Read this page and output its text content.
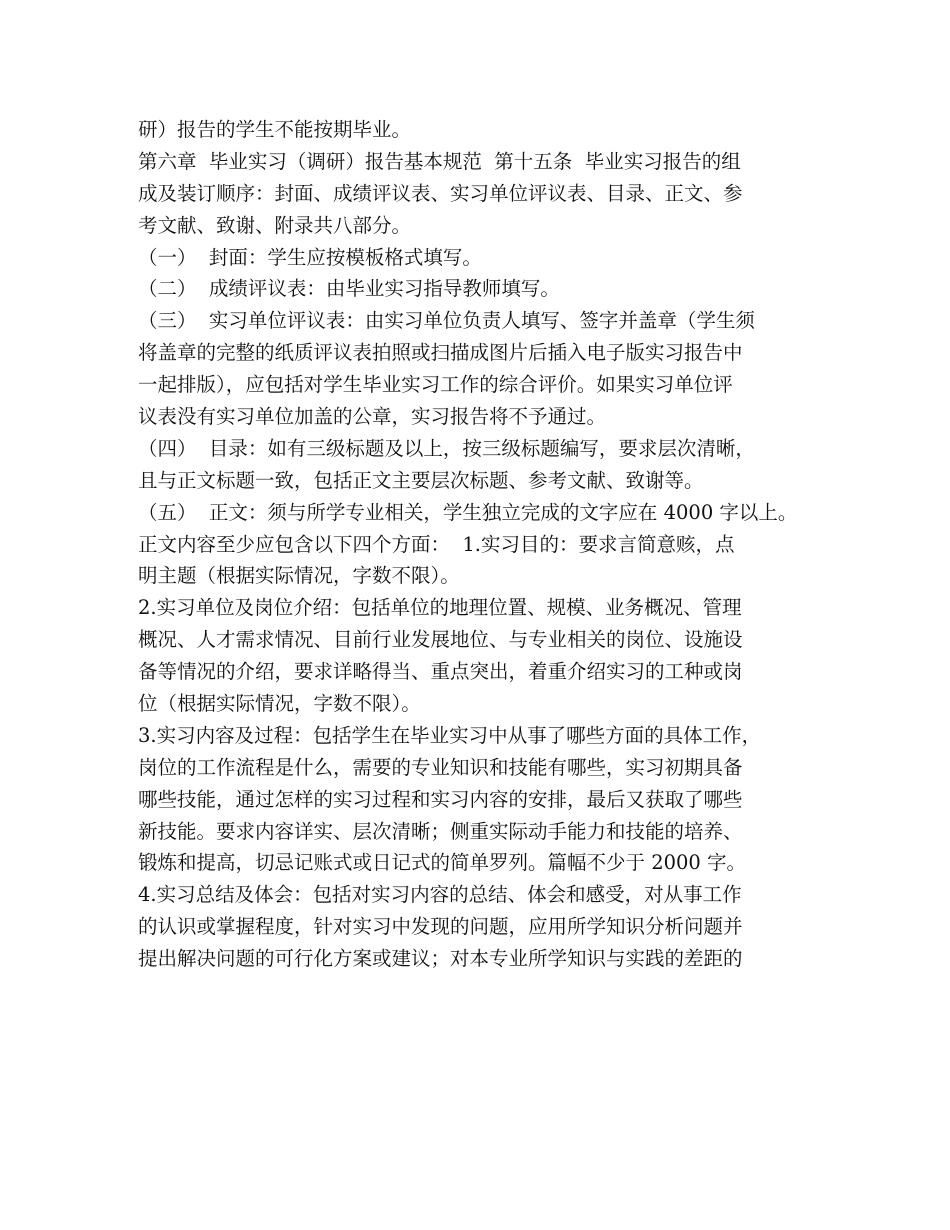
研）报告的学生不能按期毕业。
第六章  毕业实习（调研）报告基本规范  第十五条  毕业实习报告的组
成及装订顺序：封面、成绩评议表、实习单位评议表、目录、正文、参
考文献、致谢、附录共八部分。
（一）  封面：学生应按模板格式填写。
（二）  成绩评议表：由毕业实习指导教师填写。
（三）  实习单位评议表：由实习单位负责人填写、签字并盖章（学生须
将盖章的完整的纸质评议表拍照或扫描成图片后插入电子版实习报告中
一起排版），应包括对学生毕业实习工作的综合评价。如果实习单位评
议表没有实习单位加盖的公章，实习报告将不予通过。
（四）  目录：如有三级标题及以上，按三级标题编写，要求层次清晰，
且与正文标题一致，包括正文主要层次标题、参考文献、致谢等。
（五）  正文：须与所学专业相关，学生独立完成的文字应在 4000 字以上。
正文内容至少应包含以下四个方面：  1.实习目的：要求言简意赅，点
明主题（根据实际情况，字数不限）。
2.实习单位及岗位介绍：包括单位的地理位置、规模、业务概况、管理
概况、人才需求情况、目前行业发展地位、与专业相关的岗位、设施设
备等情况的介绍，要求详略得当、重点突出，着重介绍实习的工种或岗
位（根据实际情况，字数不限）。
3.实习内容及过程：包括学生在毕业实习中从事了哪些方面的具体工作，
岗位的工作流程是什么，需要的专业知识和技能有哪些，实习初期具备
哪些技能，通过怎样的实习过程和实习内容的安排，最后又获取了哪些
新技能。要求内容详实、层次清晰；侧重实际动手能力和技能的培养、
锻炼和提高，切忌记账式或日记式的简单罗列。篇幅不少于 2000 字。
4.实习总结及体会：包括对实习内容的总结、体会和感受，对从事工作
的认识或掌握程度，针对实习中发现的问题，应用所学知识分析问题并
提出解决问题的可行化方案或建议；对本专业所学知识与实践的差距的
